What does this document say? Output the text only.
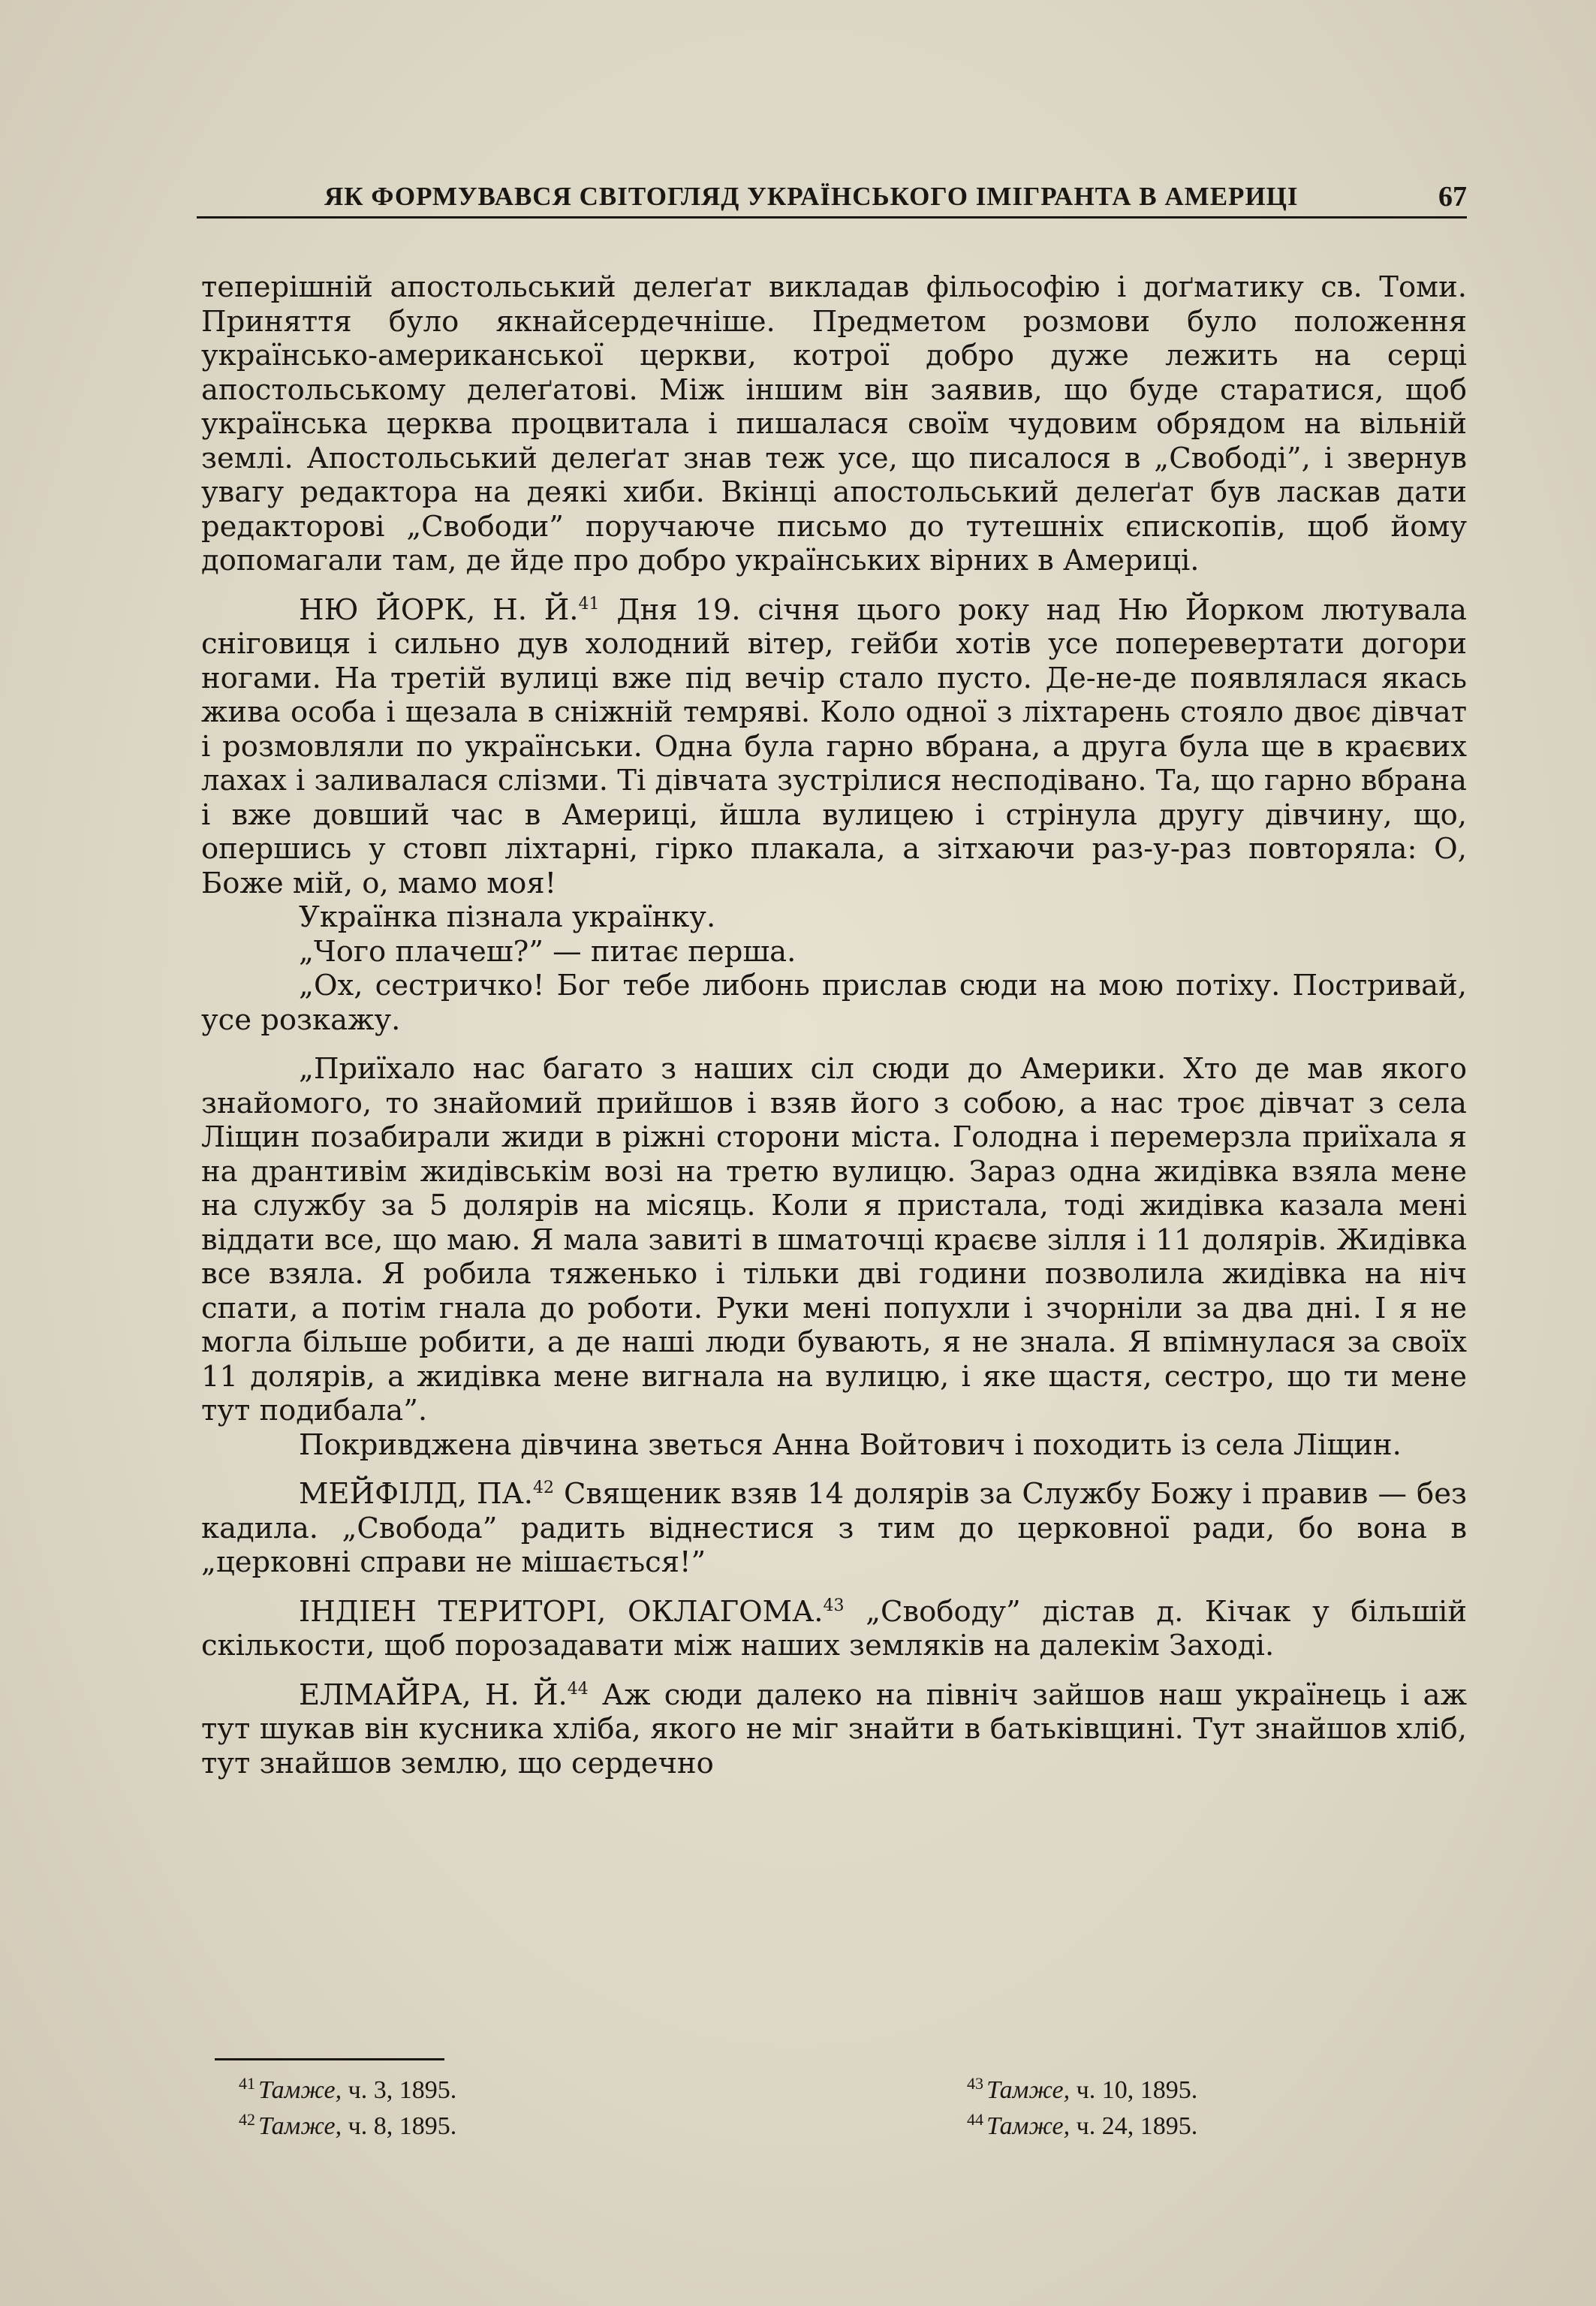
ЯК ФОРМУВАВСЯ СВІТОГЛЯД УКРАЇНСЬКОГО ІМІГРАНТА В АМЕРИЦІ	67

теперішній апостольський делеґат викладав фільософію і доґматику св. Томи. Приняття було якнайсердечніше. Предметом розмови було положення українсько-американської церкви, котрої добро дуже лежить на серці апостольському делеґатові. Між іншим він заявив, що буде старатися, щоб українська церква процвитала і пишалася своїм чудовим обрядом на вільній землі. Апостольський делеґат знав теж усе, що писалося в „Свободі”, і звернув увагу редактора на деякі хиби. Вкінці апостольський делеґат був ласкав дати редакторові „Свободи” поручаюче письмо до тутешніх єпископів, щоб йому допомагали там, де йде про добро українських вірних в Америці.

НЮ ЙОРК, Н. Й.$^{41}$ Дня 19. січня цього року над Ню Йорком лютувала сніговиця і сильно дув холодний вітер, гейби хотів усе поперевертати догори ногами. На третій вулиці вже під вечір стало пусто. Де-не-де появлялася якась жива особа і щезала в сніжній темряві. Коло одної з ліхтарень стояло двоє дівчат і розмовляли по українськи. Одна була гарно вбрана, а друга була ще в краєвих лахах і заливалася слізми. Ті дівчата зустрілися несподівано. Та, що гарно вбрана і вже довший час в Америці, йшла вулицею і стрінула другу дівчину, що, опершись у стовп ліхтарні, гірко плакала, а зітхаючи раз-у-раз повторяла: О, Боже мій, о, мамо моя!

Українка пізнала українку.

„Чого плачеш?” — питає перша.

„Ох, сестричко! Бог тебе либонь прислав сюди на мою потіху. Постривай, усе розкажу.

„Приїхало нас багато з наших сіл сюди до Америки. Хто де мав якого знайомого, то знайомий прийшов і взяв його з собою, а нас троє дівчат з села Ліщин позабирали жиди в ріжні сторони міста. Голодна і перемерзла приїхала я на дрантивім жидівськім возі на третю вулицю. Зараз одна жидівка взяла мене на службу за 5 долярів на місяць. Коли я пристала, тоді жидівка казала мені віддати все, що маю. Я мала завиті в шматочці краєве зілля і 11 долярів. Жидівка все взяла. Я робила тяженько і тільки дві години позволила жидівка на ніч спати, а потім гнала до роботи. Руки мені попухли і зчорніли за два дні. І я не могла більше робити, а де наші люди бувають, я не знала. Я впімнулася за своїх 11 долярів, а жидівка мене вигнала на вулицю, і яке щастя, сестро, що ти мене тут подибала”.

Покривджена дівчина зветься Анна Войтович і походить із села Ліщин.

МЕЙФІЛД, ПА.$^{42}$ Священик взяв 14 долярів за Службу Божу і правив — без кадила. „Свобода” радить віднестися з тим до церковної ради, бо вона в „церковні справи не мішається!”

ІНДІЕН ТЕРИТОРІ, ОКЛАГОМА.$^{43}$ „Свободу” дістав д. Кічак у більшій скількости, щоб порозадавати між наших земляків на далекім Заході.

ЕЛМАЙРА, Н. Й.$^{44}$ Аж сюди далеко на північ зайшов наш українець і аж тут шукав він кусника хліба, якого не міг знайти в батьківщині. Тут знайшов хліб, тут знайшов землю, що сердечно

$^{41}$ Тамже, ч. 3, 1895.
$^{42}$ Тамже, ч. 8, 1895.
$^{43}$ Тамже, ч. 10, 1895.
$^{44}$ Тамже, ч. 24, 1895.
